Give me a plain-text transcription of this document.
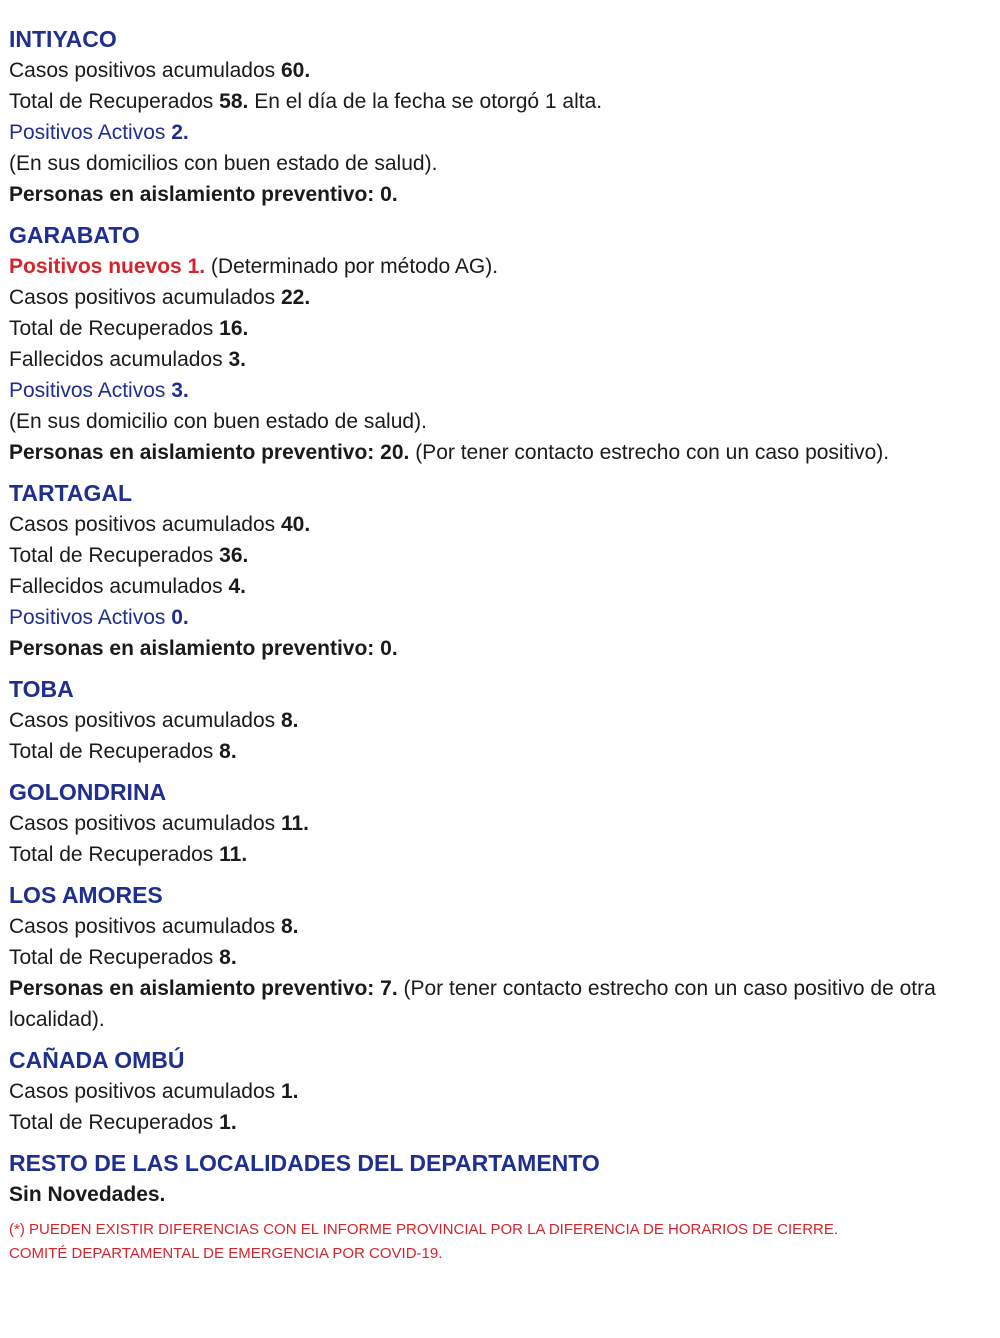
INTIYACO
Casos positivos acumulados 60.
Total de Recuperados 58. En el día de la fecha se otorgó 1 alta.
Positivos Activos 2.
(En sus domicilios con buen estado de salud).
Personas en aislamiento preventivo: 0.
GARABATO
Positivos nuevos 1. (Determinado por método AG).
Casos positivos acumulados 22.
Total de Recuperados 16.
Fallecidos acumulados 3.
Positivos Activos 3.
(En sus domicilio con buen estado de salud).
Personas en aislamiento preventivo: 20. (Por tener contacto estrecho con un caso positivo).
TARTAGAL
Casos positivos acumulados 40.
Total de Recuperados 36.
Fallecidos acumulados 4.
Positivos Activos 0.
Personas en aislamiento preventivo: 0.
TOBA
Casos positivos acumulados 8.
Total de Recuperados 8.
GOLONDRINA
Casos positivos acumulados 11.
Total de Recuperados 11.
LOS AMORES
Casos positivos acumulados 8.
Total de Recuperados 8.
Personas en aislamiento preventivo: 7. (Por tener contacto estrecho con un caso positivo de otra localidad).
CAÑADA OMBÚ
Casos positivos acumulados 1.
Total de Recuperados 1.
RESTO DE LAS LOCALIDADES DEL DEPARTAMENTO
Sin Novedades.
(*) PUEDEN EXISTIR DIFERENCIAS CON EL INFORME PROVINCIAL POR LA DIFERENCIA DE HORARIOS DE CIERRE.
COMITÉ DEPARTAMENTAL DE EMERGENCIA POR COVID-19.
